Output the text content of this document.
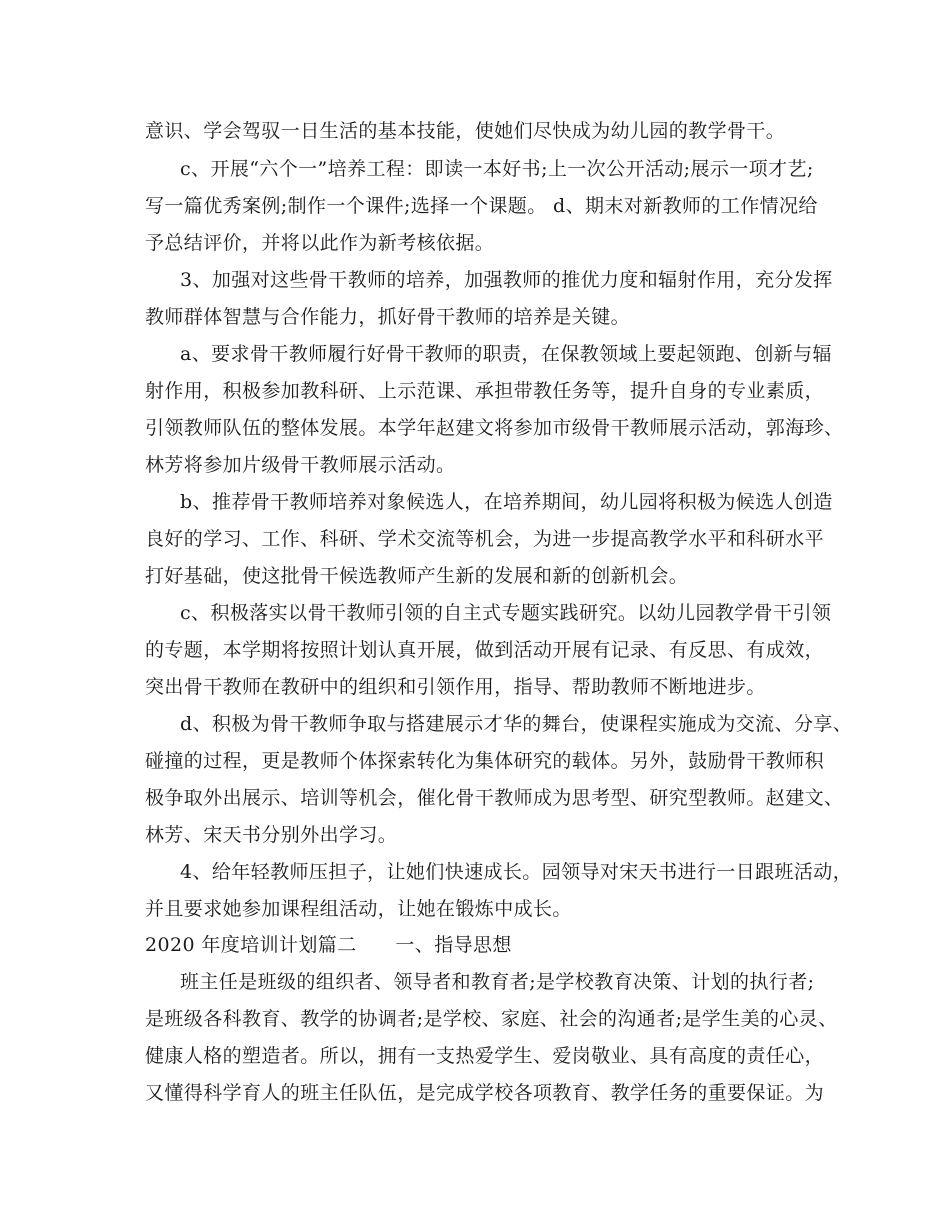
意识、学会驾驭一日生活的基本技能，使她们尽快成为幼儿园的教学骨干。
c、开展“六个一”培养工程：即读一本好书;上一次公开活动;展示一项才艺;
写一篇优秀案例;制作一个课件;选择一个课题。 d、期末对新教师的工作情况给
予总结评价，并将以此作为新考核依据。
3、加强对这些骨干教师的培养，加强教师的推优力度和辐射作用，充分发挥
教师群体智慧与合作能力，抓好骨干教师的培养是关键。
a、要求骨干教师履行好骨干教师的职责，在保教领域上要起领跑、创新与辐
射作用，积极参加教科研、上示范课、承担带教任务等，提升自身的专业素质，
引领教师队伍的整体发展。本学年赵建文将参加市级骨干教师展示活动，郭海珍、
林芳将参加片级骨干教师展示活动。
b、推荐骨干教师培养对象候选人，在培养期间，幼儿园将积极为候选人创造
良好的学习、工作、科研、学术交流等机会，为进一步提高教学水平和科研水平
打好基础，使这批骨干候选教师产生新的发展和新的创新机会。
c、积极落实以骨干教师引领的自主式专题实践研究。以幼儿园教学骨干引领
的专题，本学期将按照计划认真开展，做到活动开展有记录、有反思、有成效，
突出骨干教师在教研中的组织和引领作用，指导、帮助教师不断地进步。
d、积极为骨干教师争取与搭建展示才华的舞台，使课程实施成为交流、分享、
碰撞的过程，更是教师个体探索转化为集体研究的载体。另外，鼓励骨干教师积
极争取外出展示、培训等机会，催化骨干教师成为思考型、研究型教师。赵建文、
林芳、宋天书分别外出学习。
4、给年轻教师压担子，让她们快速成长。园领导对宋天书进行一日跟班活动，
并且要求她参加课程组活动，让她在锻炼中成长。
2020 年度培训计划篇二　　一、指导思想
班主任是班级的组织者、领导者和教育者;是学校教育决策、计划的执行者;
是班级各科教育、教学的协调者;是学校、家庭、社会的沟通者;是学生美的心灵、
健康人格的塑造者。所以，拥有一支热爱学生、爱岗敬业、具有高度的责任心，
又懂得科学育人的班主任队伍，是完成学校各项教育、教学任务的重要保证。为
